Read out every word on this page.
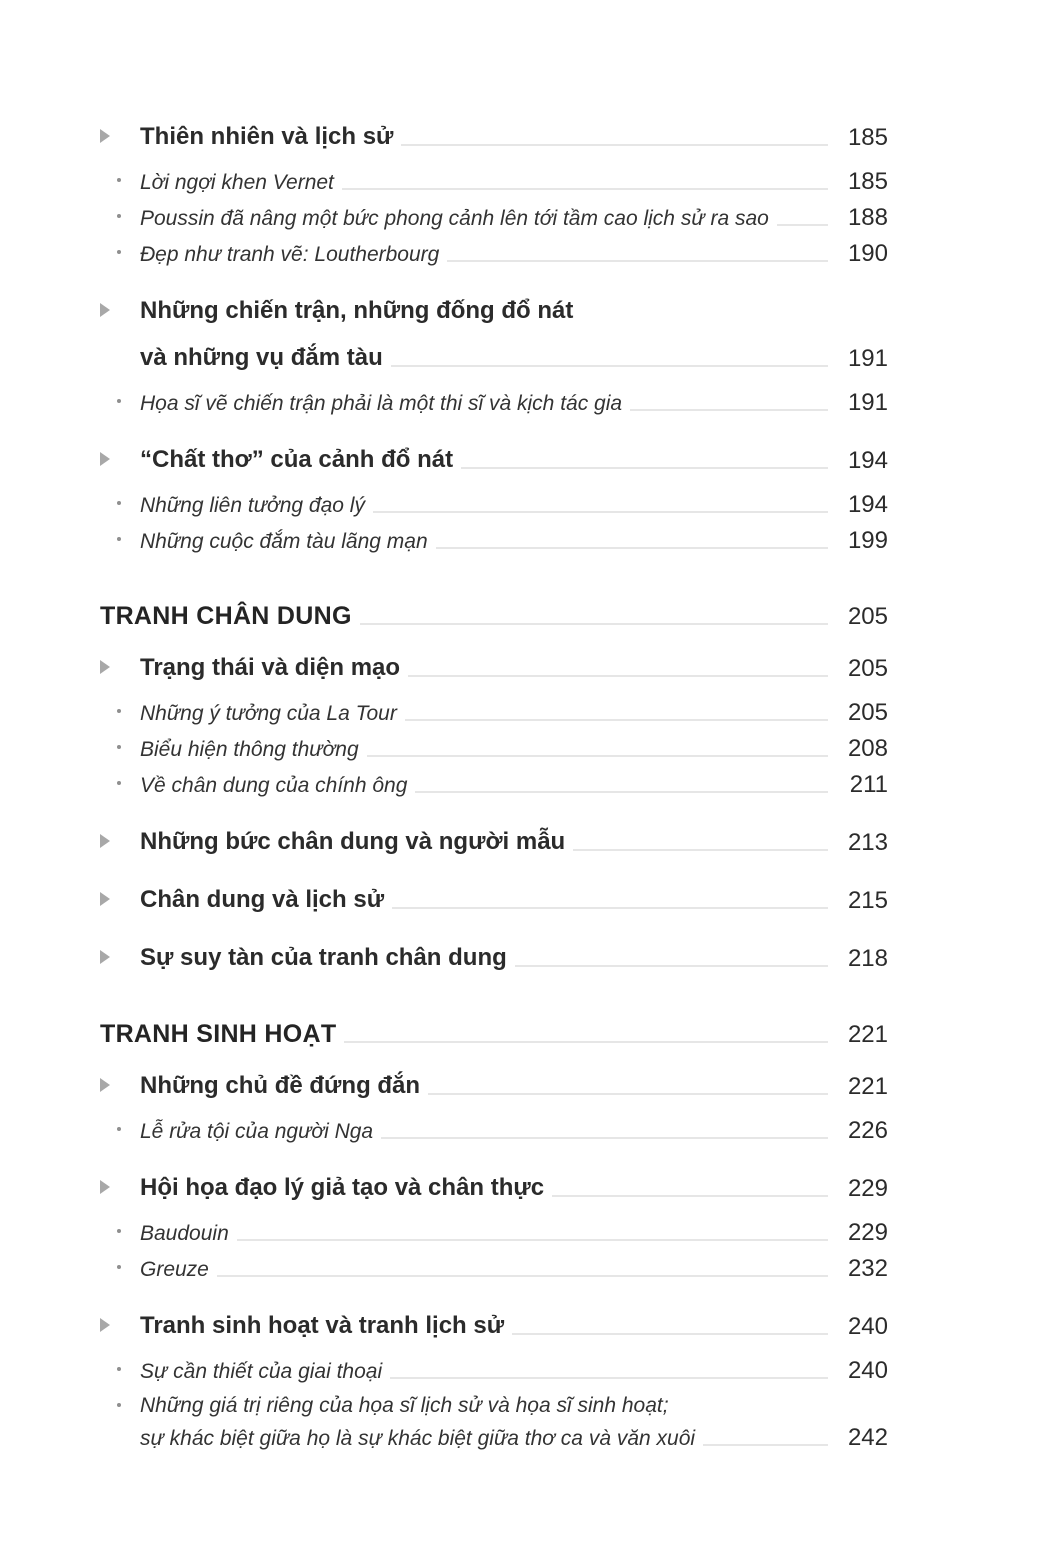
Thiên nhiên và lịch sử	185
Lời ngợi khen Vernet	185
Poussin đã nâng một bức phong cảnh lên tới tầm cao lịch sử ra sao	188
Đẹp như tranh vẽ: Loutherbourg	190
Những chiến trận, những đống đổ nát
và những vụ đắm tàu	191
Họa sĩ vẽ chiến trận phải là một thi sĩ và kịch tác gia	191
“Chất thơ” của cảnh đổ nát	194
Những liên tưởng đạo lý	194
Những cuộc đắm tàu lãng mạn	199
TRANH CHÂN DUNG	205
Trạng thái và diện mạo	205
Những ý tưởng của La Tour	205
Biểu hiện thông thường	208
Về chân dung của chính ông	211
Những bức chân dung và người mẫu	213
Chân dung và lịch sử	215
Sự suy tàn của tranh chân dung	218
TRANH SINH HOẠT	221
Những chủ đề đứng đắn	221
Lễ rửa tội của người Nga	226
Hội họa đạo lý giả tạo và chân thực	229
Baudouin	229
Greuze	232
Tranh sinh hoạt và tranh lịch sử	240
Sự cần thiết của giai thoại	240
Những giá trị riêng của họa sĩ lịch sử và họa sĩ sinh hoạt;
sự khác biệt giữa họ là sự khác biệt giữa thơ ca và văn xuôi	242
